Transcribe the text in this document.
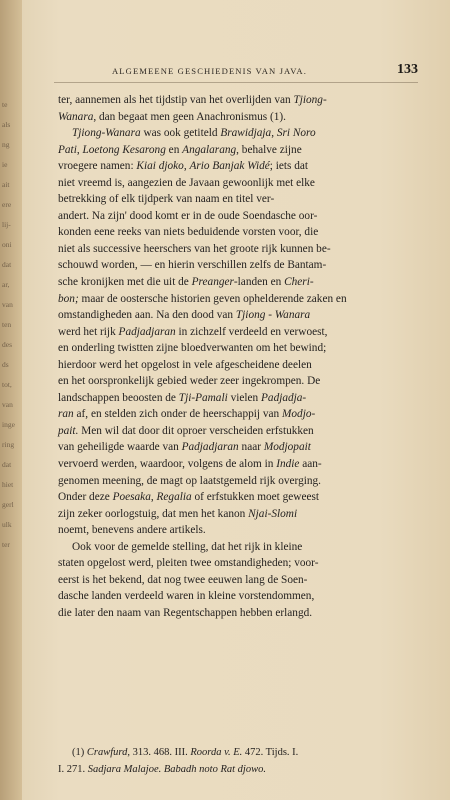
te
als
ng
ie
ait
ere
lij-
oni
dat
ar,
van
ten
des
ds
tot,
van
inge
ring
dat
hiet
gerl
ulk
ter
ALGEMEENE GESCHIEDENIS VAN JAVA.	133
ter, aannemen als het tijdstip van het overlijden van Tjiong-
Wanara, dan begaat men geen Anachronismus (1).
Tjiong-Wanara was ook getiteld Brawidjaja, Sri Noro
Pati, Loetong Kesarong en Angalarang, behalve zijne
vroegere namen: Kiai djoko, Ario Banjak Widé; iets dat
niet vreemd is, aangezien de Javaan gewoonlijk met elke
betrekking of elk tijdperk van naam en titel ver-
andert. Na zijn' dood komt er in de oude Soendasche oor-
konden eene reeks van niets beduidende vorsten voor, die
niet als successive heerschers van het groote rijk kunnen be-
schouwd worden, — en hierin verschillen zelfs de Bantam-
sche kronijken met die uit de Preanger-landen en Cheri-
bon; maar de oostersche historien geven ophelderende zaken en
omstandigheden aan. Na den dood van Tjiong - Wanara
werd het rijk Padjadjaran in zichzelf verdeeld en verwoest,
en onderling twistten zijne bloedverwanten om het bewind;
hierdoor werd het opgelost in vele afgescheidene deelen
en het oorspronkelijk gebied weder zeer ingekrompen. De
landschappen beoosten de Tji-Pamali vielen Padjadja-
ran af, en stelden zich onder de heerschappij van Modjo-
pait. Men wil dat door dit oproer verscheiden erfstukken
van geheiligde waarde van Padjadjaran naar Modjopait
vervoerd werden, waardoor, volgens de alom in Indie aan-
genomen meening, de magt op laatstgemeld rijk overging.
Onder deze Poesaka, Regalia of erfstukken moet geweest
zijn zeker oorlogstuig, dat men het kanon Njai-Slomi
noemt, benevens andere artikels.
Ook voor de gemelde stelling, dat het rijk in kleine
staten opgelost werd, pleiten twee omstandigheden; voor-
eerst is het bekend, dat nog twee eeuwen lang de Soen-
dasche landen verdeeld waren in kleine vorstendommen,
die later den naam van Regentschappen hebben erlangd.
(1) Crawfurd, 313. 468. III. Roorda v. E. 472. Tijds. I.
I. 271. Sadjara Malajoe. Babadh noto Rat djowo.
